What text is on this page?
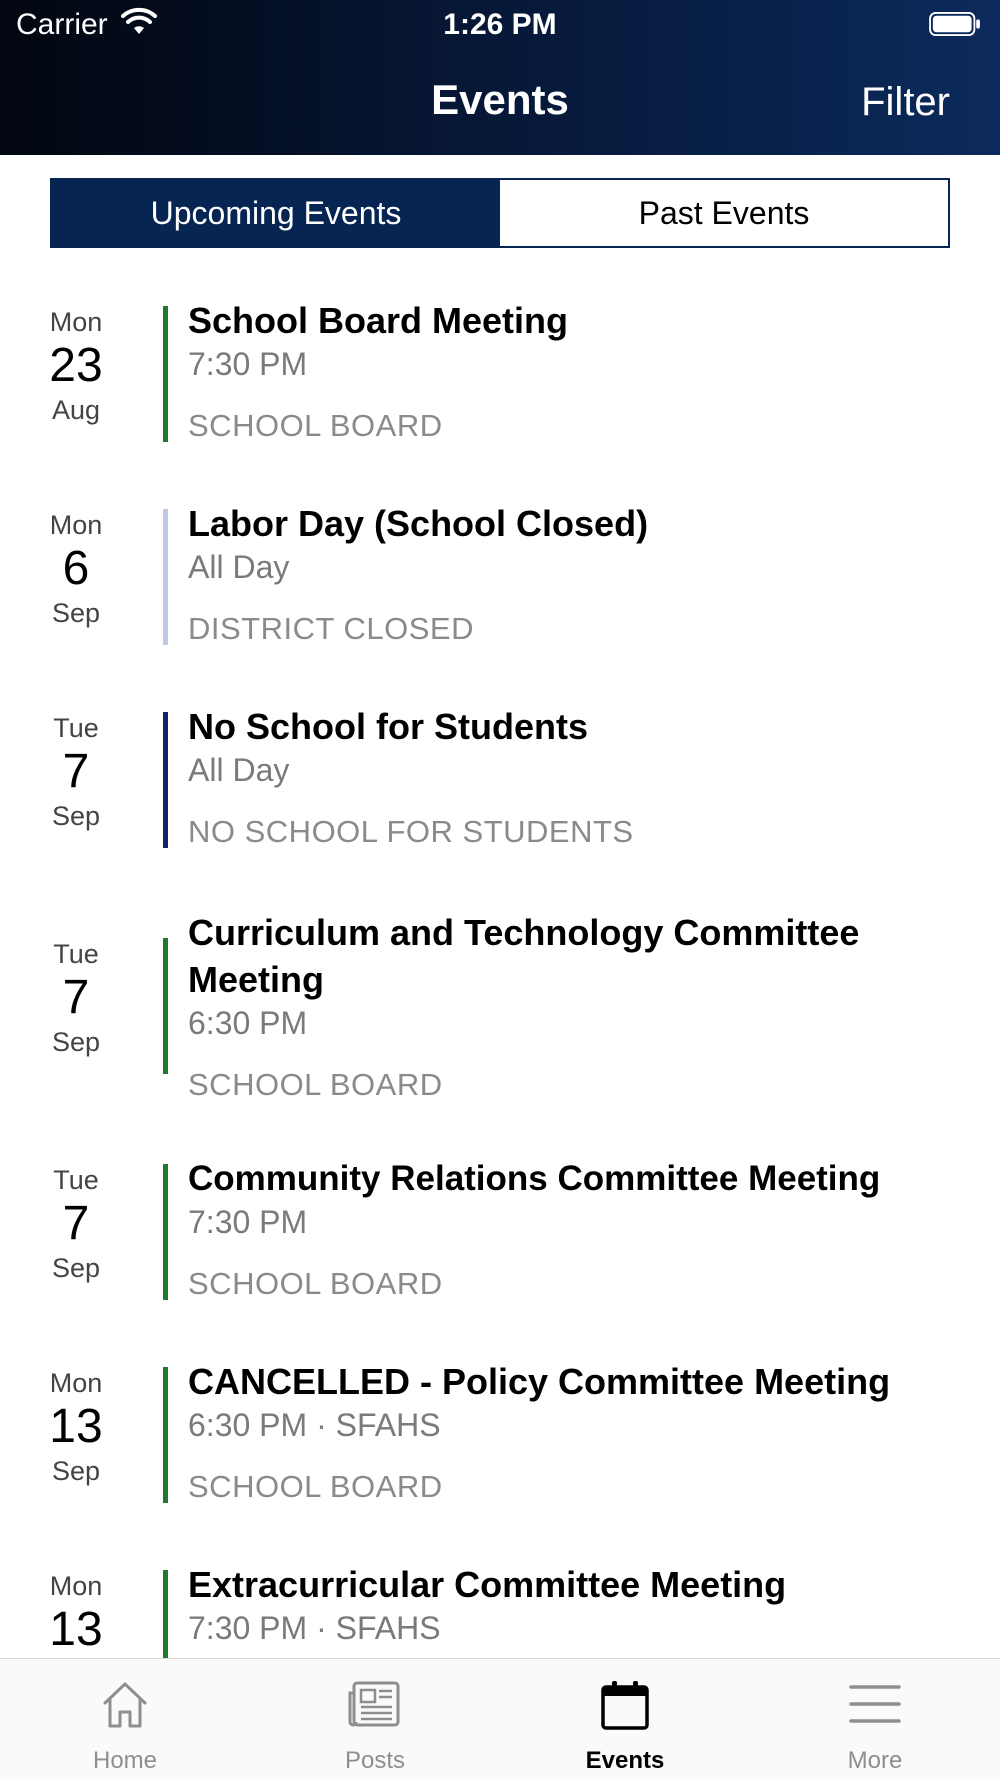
Carrier	1:26 PM
Events	Filter
Upcoming Events	Past Events
Mon
23
Aug
School Board Meeting
7:30 PM
SCHOOL BOARD
Mon
6
Sep
Labor Day (School Closed)
All Day
DISTRICT CLOSED
Tue
7
Sep
No School for Students
All Day
NO SCHOOL FOR STUDENTS
Tue
7
Sep
Curriculum and Technology Committee Meeting
6:30 PM
SCHOOL BOARD
Tue
7
Sep
Community Relations Committee Meeting
7:30 PM
SCHOOL BOARD
Mon
13
Sep
CANCELLED - Policy Committee Meeting
6:30 PM · SFAHS
SCHOOL BOARD
Mon
13
Extracurricular Committee Meeting
7:30 PM · SFAHS
Home	Posts	Events	More
